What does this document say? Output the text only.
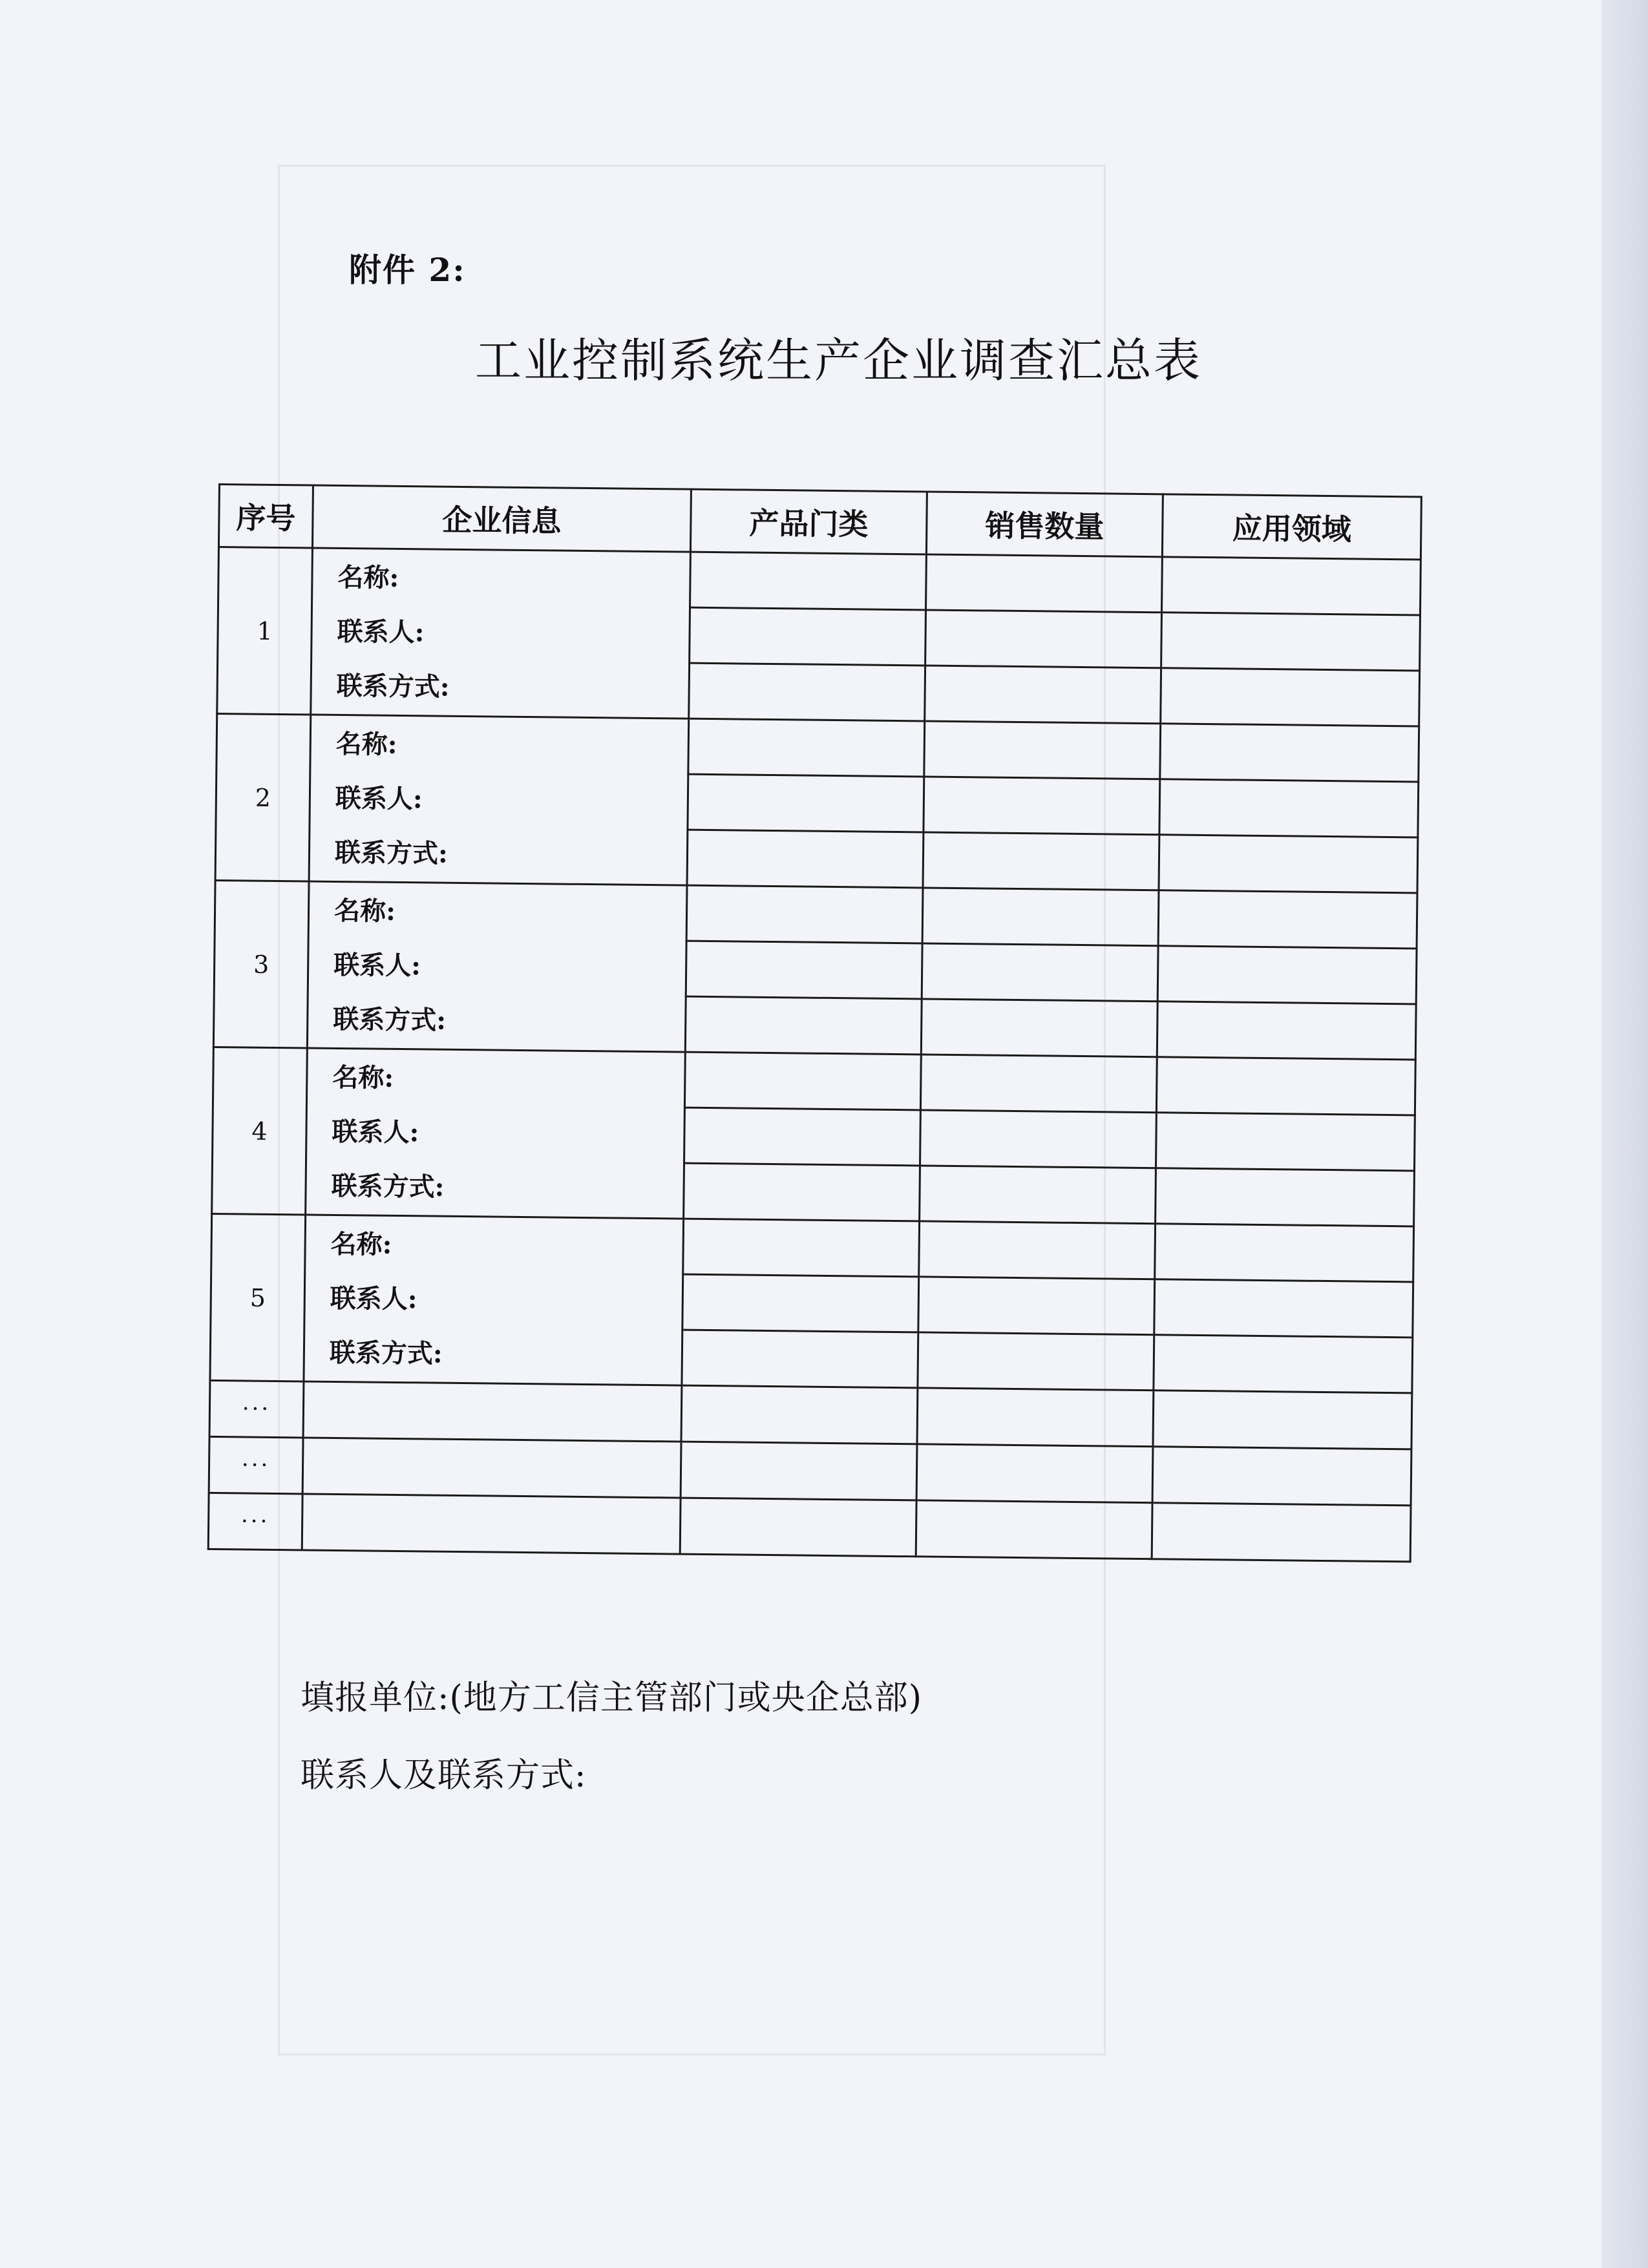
附件 2:
工业控制系统生产企业调查汇总表
序号	企业信息	产品门类	销售数量	应用领域
1	名称:
联系人:
联系方式:			

2	名称:
联系人:
联系方式:			

3	名称:
联系人:
联系方式:			

4	名称:
联系人:
联系方式:			

5	名称:
联系人:
联系方式:			

···				
···				
···				
填报单位:(地方工信主管部门或央企总部)
联系人及联系方式:
